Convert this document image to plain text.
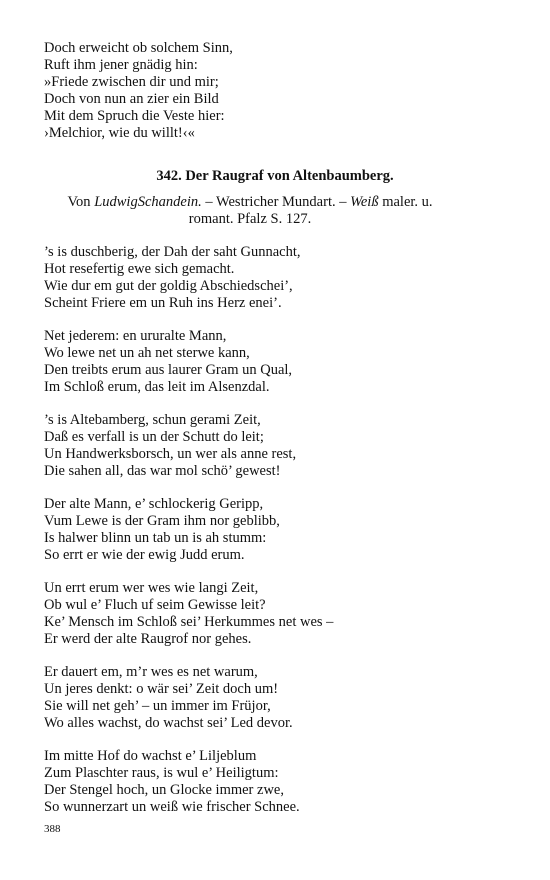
Doch erweicht ob solchem Sinn,
Ruft ihm jener gnädig hin:
»Friede zwischen dir und mir;
Doch von nun an zier ein Bild
Mit dem Spruch die Veste hier:
›Melchior, wie du willt!‹«
342. Der Raugraf von Altenbaumberg.
Von LudwigSchandein. – Westricher Mundart. – Weiß maler. u. romant. Pfalz S. 127.
’s is duschberig, der Dah der saht Gunnacht,
Hot resefertig ewe sich gemacht.
Wie dur em gut der goldig Abschiedschei’,
Scheint Friere em un Ruh ins Herz enei’.
Net jederem: en ururalte Mann,
Wo lewe net un ah net sterwe kann,
Den treibts erum aus laurer Gram un Qual,
Im Schloß erum, das leit im Alsenzdal.
’s is Altebamberg, schun gerami Zeit,
Daß es verfall is un der Schutt do leit;
Un Handwerksborsch, un wer als anne rest,
Die sahen all, das war mol schö’ gewest!
Der alte Mann, e’ schlockerig Geripp,
Vum Lewe is der Gram ihm nor geblibb,
Is halwer blinn un tab un is ah stumm:
So errt er wie der ewig Judd erum.
Un errt erum wer wes wie langi Zeit,
Ob wul e’ Fluch uf seim Gewisse leit?
Ke’ Mensch im Schloß sei’ Herkummes net wes –
Er werd der alte Raugrof nor gehes.
Er dauert em, m’r wes es net warum,
Un jeres denkt: o wär sei’ Zeit doch um!
Sie will net geh’ – un immer im Früjor,
Wo alles wachst, do wachst sei’ Led devor.
Im mitte Hof do wachst e’ Liljeblum
Zum Plaschter raus, is wul e’ Heiligtum:
Der Stengel hoch, un Glocke immer zwe,
So wunnerzart un weiß wie frischer Schnee.
388
